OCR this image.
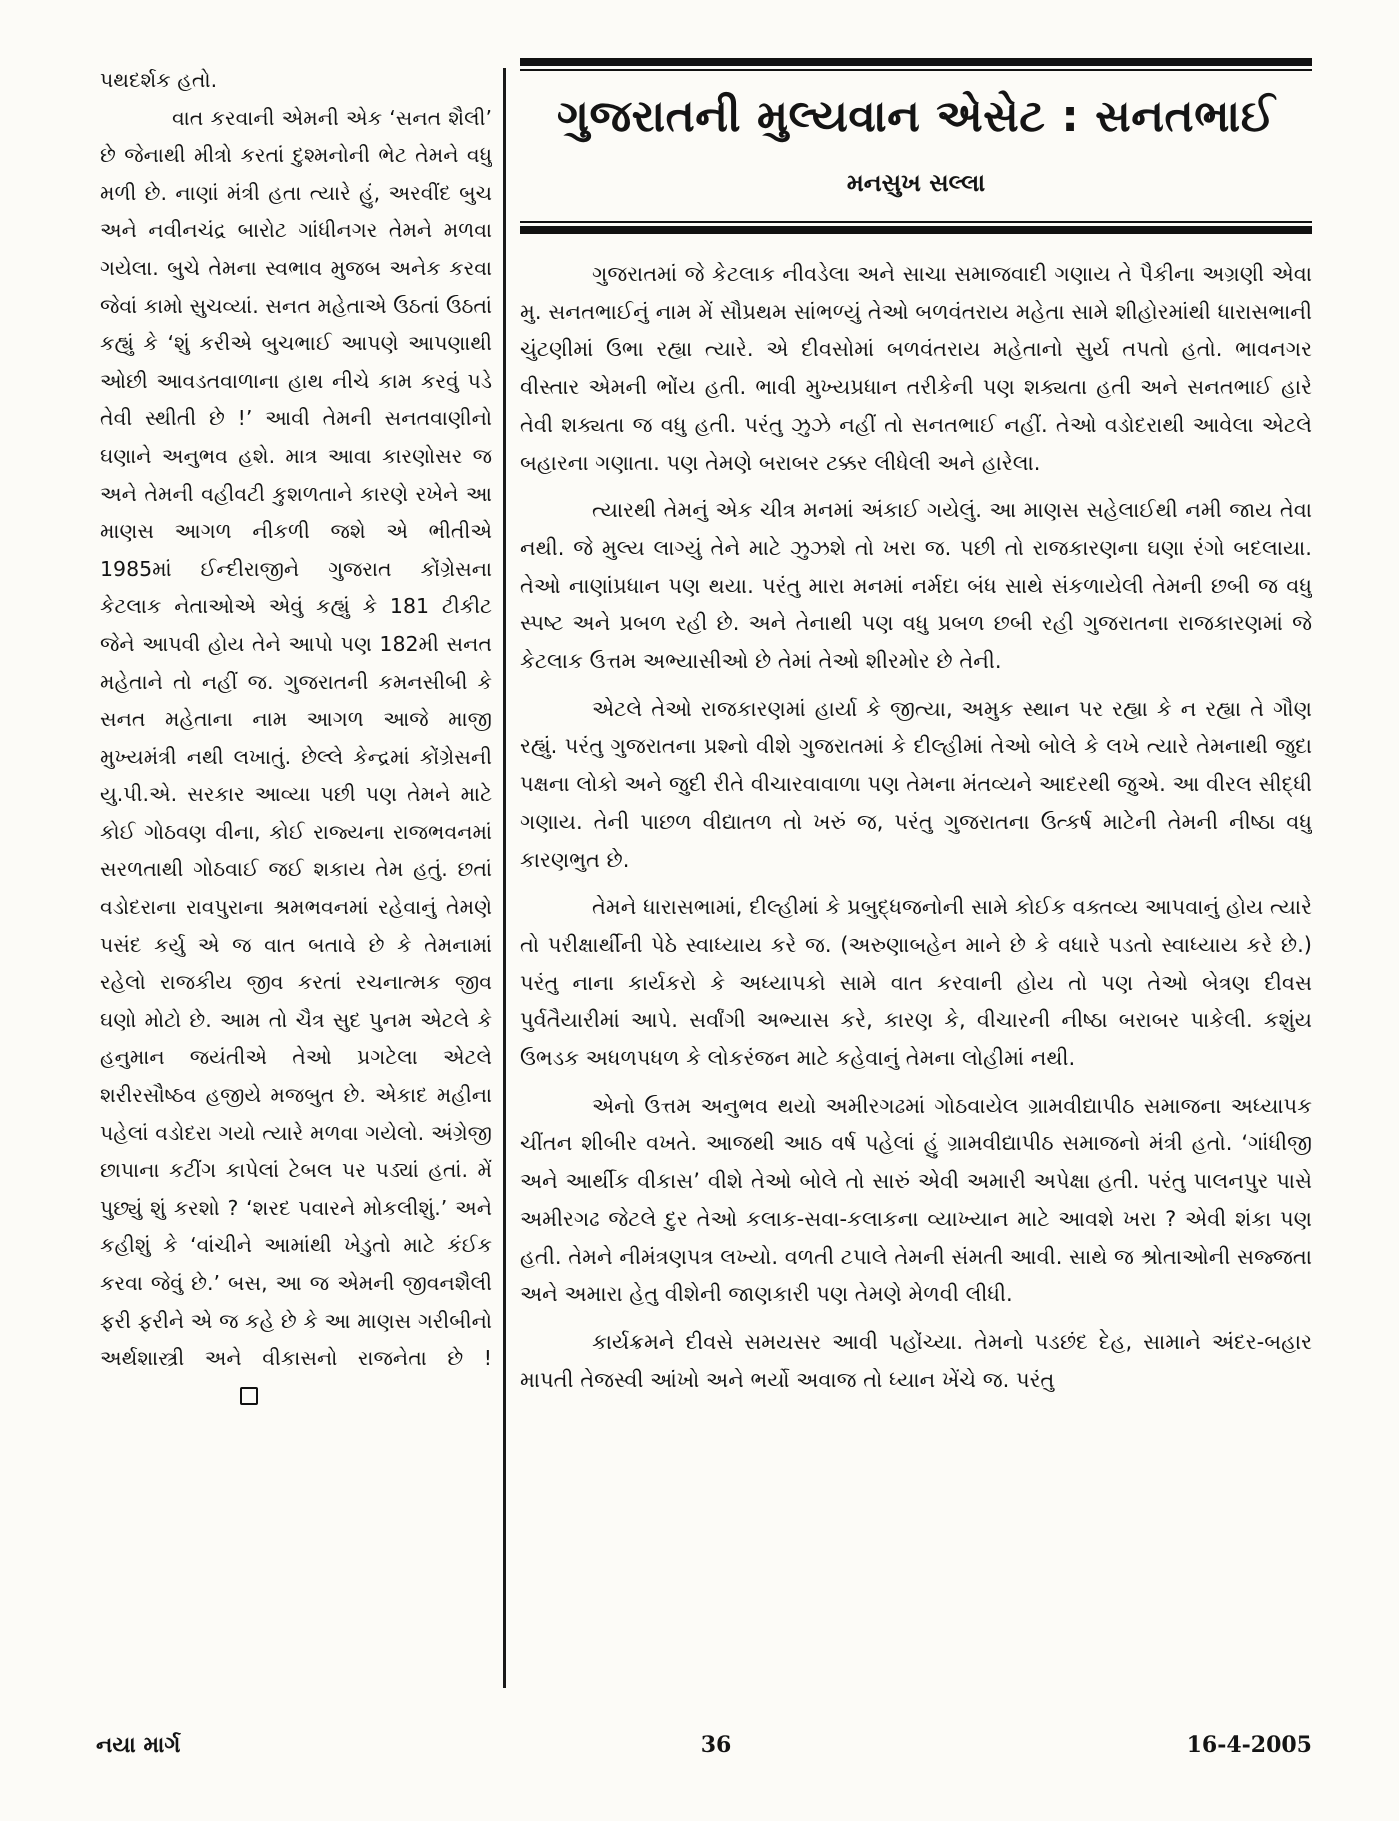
પથદર્શક હતો.

વાત કરવાની એમની એક ‘સનત શૈલી’ છે જેનાથી મીત્રો કરતાં દુશ્મનોની ભેટ તેમને વધુ મળી છે. નાણાં મંત્રી હતા ત્યારે હું, અરવીંદ બુચ અને નવીનચંદ્ર બારોટ ગાંધીનગર તેમને મળવા ગયેલા. બુચે તેમના સ્વભાવ મુજબ અનેક કરવા જેવાં કામો સુચવ્યાં. સનત મહેતાએ ઉઠતાં ઉઠતાં કહ્યું કે ‘શું કરીએ બુચભાઈ આપણે આપણાથી ઓછી આવડતવાળાના હાથ નીચે કામ કરવું પડે તેવી સ્થીતી છે !’ આવી તેમની સનતવાણીનો ઘણાને અનુભવ હશે. માત્ર આવા કારણોસર જ અને તેમની વહીવટી કુશળતાને કારણે રખેને આ માણસ આગળ નીકળી જશે એ ભીતીએ 1985માં ઈન્દીરાજીને ગુજરાત કોંગ્રેસના કેટલાક નેતાઓએ એવું કહ્યું કે 181 ટીકીટ જેને આપવી હોય તેને આપો પણ 182મી સનત મહેતાને તો નહીં જ. ગુજરાતની કમનસીબી કે સનત મહેતાના નામ આગળ આજે માજી મુખ્યમંત્રી નથી લખાતું. છેલ્લે કેન્દ્રમાં કોંગ્રેસની યુ.પી.એ. સરકાર આવ્યા પછી પણ તેમને માટે કોઈ ગોઠવણ વીના, કોઈ રાજ્યના રાજભવનમાં સરળતાથી ગોઠવાઈ જઈ શકાય તેમ હતું. છતાં વડોદરાના રાવપુરાના શ્રમભવનમાં રહેવાનું તેમણે પસંદ કર્યુ એ જ વાત બતાવે છે કે તેમનામાં રહેલો રાજકીય જીવ કરતાં રચનાત્મક જીવ ઘણો મોટો છે. આમ તો ચૈત્ર સુદ પુનમ એટલે કે હનુમાન જયંતીએ તેઓ પ્રગટેલા એટલે શરીરસૌષ્ઠવ હજીયે મજબુત છે. એકાદ મહીના પહેલાં વડોદરા ગયો ત્યારે મળવા ગયેલો. અંગ્રેજી છાપાના કટીંગ કાપેલાં ટેબલ પર પડ્યાં હતાં. મેં પુછ્યું શું કરશો ? ‘શરદ પવારને મોકલીશું.’ અને કહીશું કે ‘વાંચીને આમાંથી ખેડુતો માટે કંઈક કરવા જેવું છે.’ બસ, આ જ એમની જીવનશૈલી ફરી ફરીને એ જ કહે છે કે આ માણસ ગરીબીનો અર્થશાસ્ત્રી અને વીકાસનો રાજનેતા છે !

ગુજરાતની મુલ્યવાન એસેટ : સનતભાઈ
મનસુખ સલ્લા

ગુજરાતમાં જે કેટલાક નીવડેલા અને સાચા સમાજવાદી ગણાય તે પૈકીના અગ્રણી એવા મુ. સનતભાઈનું નામ મેં સૌપ્રથમ સાંભળ્યું તેઓ બળવંતરાય મહેતા સામે શીહોરમાંથી ધારાસભાની ચુંટણીમાં ઉભા રહ્યા ત્યારે. એ દીવસોમાં બળવંતરાય મહેતાનો સુર્ય તપતો હતો. ભાવનગર વીસ્તાર એમની ભોંય હતી. ભાવી મુખ્યપ્રધાન તરીકેની પણ શક્યતા હતી અને સનતભાઈ હારે તેવી શક્યતા જ વધુ હતી. પરંતુ ઝુઝે નહીં તો સનતભાઈ નહીં. તેઓ વડોદરાથી આવેલા એટલે બહારના ગણાતા. પણ તેમણે બરાબર ટક્કર લીધેલી અને હારેલા.

ત્યારથી તેમનું એક ચીત્ર મનમાં અંકાઈ ગયેલું. આ માણસ સહેલાઈથી નમી જાય તેવા નથી. જે મુલ્ય લાગ્યું તેને માટે ઝુઝશે તો ખરા જ. પછી તો રાજકારણના ઘણા રંગો બદલાયા. તેઓ નાણાંપ્રધાન પણ થયા. પરંતુ મારા મનમાં નર્મદા બંધ સાથે સંકળાયેલી તેમની છબી જ વધુ સ્પષ્ટ અને પ્રબળ રહી છે. અને તેનાથી પણ વધુ પ્રબળ છબી રહી ગુજરાતના રાજકારણમાં જે કેટલાક ઉત્તમ અભ્યાસીઓ છે તેમાં તેઓ શીરમોર છે તેની.

એટલે તેઓ રાજકારણમાં હાર્યા કે જીત્યા, અમુક સ્થાન પર રહ્યા કે ન રહ્યા તે ગૌણ રહ્યું. પરંતુ ગુજરાતના પ્રશ્નો વીશે ગુજરાતમાં કે દીલ્હીમાં તેઓ બોલે કે લખે ત્યારે તેમનાથી જુદા પક્ષના લોકો અને જુદી રીતે વીચારવાવાળા પણ તેમના મંતવ્યને આદરથી જુએ. આ વીરલ સીદ્ધી ગણાય. તેની પાછળ વીદ્યાતળ તો ખરું જ, પરંતુ ગુજરાતના ઉત્કર્ષ માટેની તેમની નીષ્ઠા વધુ કારણભુત છે.

તેમને ધારાસભામાં, દીલ્હીમાં કે પ્રબુદ્ધજનોની સામે કોઈક વક્તવ્ય આપવાનું હોય ત્યારે તો પરીક્ષાર્થીની પેઠે સ્વાધ્યાય કરે જ. (અરુણાબહેન માને છે કે વધારે પડતો સ્વાધ્યાય કરે છે.) પરંતુ નાના કાર્યકરો કે અધ્યાપકો સામે વાત કરવાની હોય તો પણ તેઓ બેત્રણ દીવસ પુર્વતૈયારીમાં આપે. સર્વાંગી અભ્યાસ કરે, કારણ કે, વીચારની નીષ્ઠા બરાબર પાકેલી. કશુંય ઉભડક અધળપધળ કે લોકરંજન માટે કહેવાનું તેમના લોહીમાં નથી.

એનો ઉત્તમ અનુભવ થયો અમીરગઢમાં ગોઠવાયેલ ગ્રામવીદ્યાપીઠ સમાજના અધ્યાપક ચીંતન શીબીર વખતે. આજથી આઠ વર્ષ પહેલાં હું ગ્રામવીદ્યાપીઠ સમાજનો મંત્રી હતો. ‘ગાંધીજી અને આર્થીક વીકાસ’ વીશે તેઓ બોલે તો સારું એવી અમારી અપેક્ષા હતી. પરંતુ પાલનપુર પાસે અમીરગઢ જેટલે દુર તેઓ કલાક-સવા-કલાકના વ્યાખ્યાન માટે આવશે ખરા ? એવી શંકા પણ હતી. તેમને નીમંત્રણપત્ર લખ્યો. વળતી ટપાલે તેમની સંમતી આવી. સાથે જ શ્રોતાઓની સજ્જતા અને અમારા હેતુ વીશેની જાણકારી પણ તેમણે મેળવી લીધી.

કાર્યક્રમને દીવસે સમયસર આવી પહોંચ્યા. તેમનો પડછંદ દેહ, સામાને અંદર-બહાર માપતી તેજસ્વી આંખો અને ભર્યો અવાજ તો ધ્યાન ખેંચે જ. પરંતુ

નયા માર્ગ	36	16-4-2005
